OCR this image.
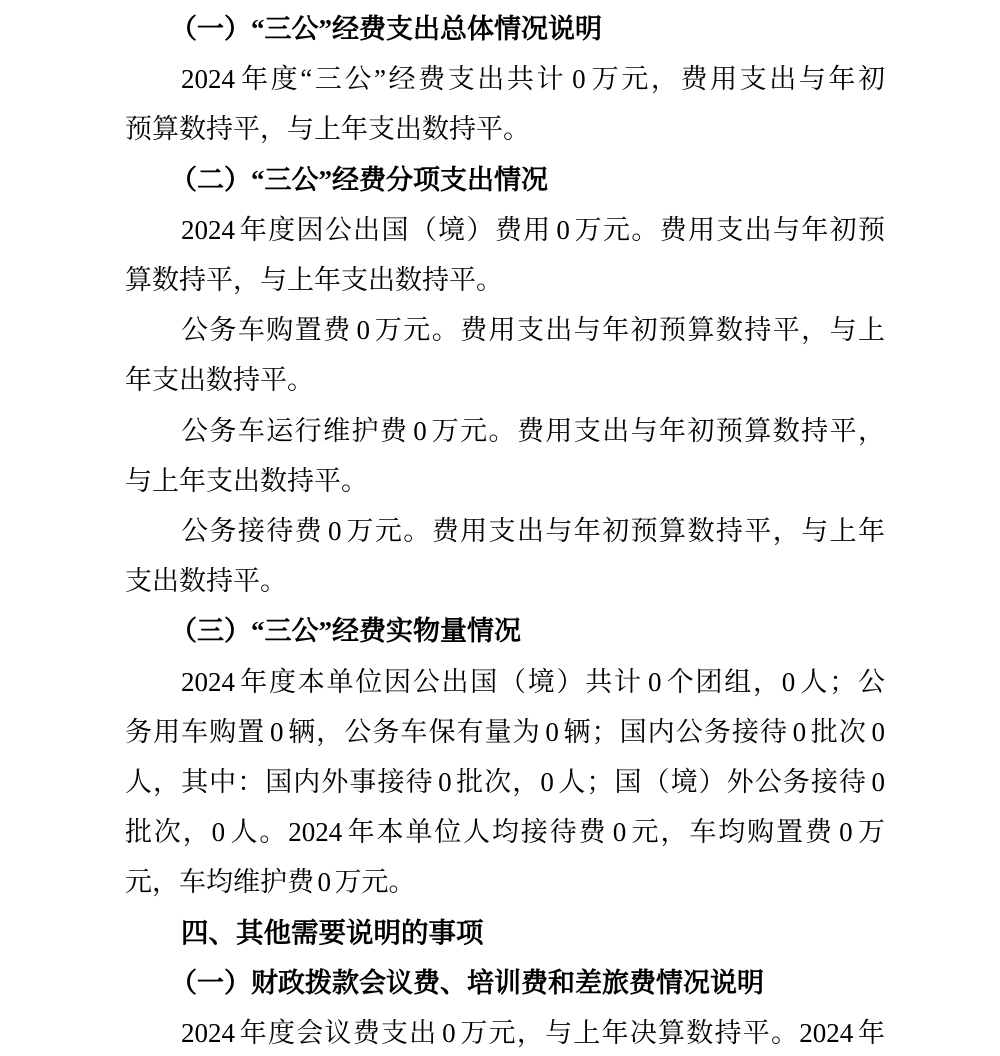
（一）“三公”经费支出总体情况说明
2024 年度“三公”经费支出共计 0 万元，费用支出与年初
预算数持平，与上年支出数持平。
（二）“三公”经费分项支出情况
2024 年度因公出国（境）费用 0 万元。费用支出与年初预
算数持平，与上年支出数持平。
公务车购置费 0 万元。费用支出与年初预算数持平，与上
年支出数持平。
公务车运行维护费 0 万元。费用支出与年初预算数持平，
与上年支出数持平。
公务接待费 0 万元。费用支出与年初预算数持平，与上年
支出数持平。
（三）“三公”经费实物量情况
2024 年度本单位因公出国（境）共计 0 个团组，0 人；公
务用车购置 0 辆，公务车保有量为 0 辆；国内公务接待 0 批次 0
人，其中：国内外事接待 0 批次，0 人；国（境）外公务接待 0
批次，0 人。2024 年本单位人均接待费 0 元，车均购置费 0 万
元，车均维护费 0 万元。
四、其他需要说明的事项
（一）财政拨款会议费、培训费和差旅费情况说明
2024 年度会议费支出 0 万元，与上年决算数持平。2024 年
